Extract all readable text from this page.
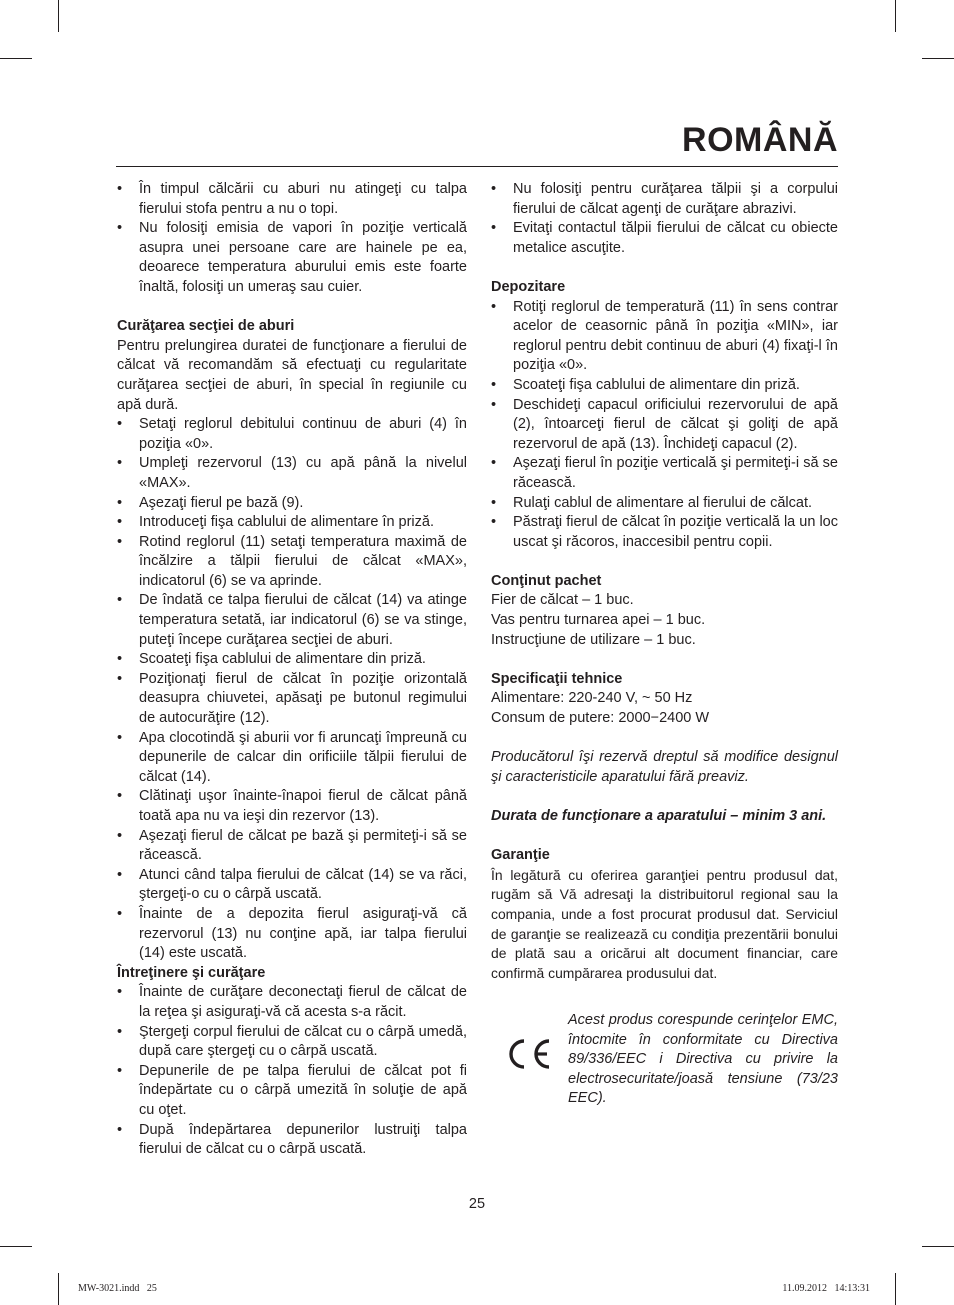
ROMÂNĂ
• În timpul călcării cu aburi nu atingeţi cu talpa fierului stofa pentru a nu o topi.
• Nu folosiţi emisia de vapori în poziţie verticală asupra unei persoane care are hainele pe ea, deoarece temperatura aburului emis este foarte înaltă, folosiţi un umeraş sau cuier.

Curăţarea secţiei de aburi

Pentru prelungirea duratei de funcţionare a fierului de călcat vă recomandăm să efectuaţi cu regularitate curăţarea secţiei de aburi, în special în regiunile cu apă dură.

• Setaţi reglorul debitului continuu de aburi (4) în poziţia «0».
• Umpleţi rezervorul (13) cu apă până la nivelul «MAX».
• Aşezaţi fierul pe bază (9).
• Introduceţi fişa cablului de alimentare în priză.
• Rotind reglorul (11) setaţi temperatura maximă de încălzire a tălpii fierului de călcat «MAX», indicatorul (6) se va aprinde.
• De îndată ce talpa fierului de călcat (14) va atinge temperatura setată, iar indicatorul (6) se va stinge, puteţi începe curăţarea secţiei de aburi.
• Scoateţi fişa cablului de alimentare din priză.
• Poziţionaţi fierul de călcat în poziţie orizontală deasupra chiuvetei, apăsaţi pe butonul regimului de autocurăţire (12).
• Apa clocotindă şi aburii vor fi aruncaţi împreună cu depunerile de calcar din orificiile tălpii fierului de călcat (14).
• Clătinaţi uşor înainte-înapoi fierul de călcat până toată apa nu va ieşi din rezervor (13).
• Aşezaţi fierul de călcat pe bază şi permiteţi-i să se răcească.
• Atunci când talpa fierului de călcat (14) se va răci, ştergeţi-o cu o cârpă uscată.
• Înainte de a depozita fierul asiguraţi-vă că rezervorul (13) nu conţine apă, iar talpa fierului (14) este uscată.

Întreţinere şi curăţare

• Înainte de curăţare deconectaţi fierul de călcat de la reţea şi asiguraţi-vă că acesta s-a răcit.
• Ştergeţi corpul fierului de călcat cu o cârpă umedă, după care ştergeţi cu o cârpă uscată.
• Depunerile de pe talpa fierului de călcat pot fi îndepărtate cu o cârpă umezită în soluţie de apă cu oţet.
• După îndepărtarea depunerilor lustruiţi talpa fierului de călcat cu o cârpă uscată.
• Nu folosiţi pentru curăţarea tălpii şi a corpului fierului de călcat agenţi de curăţare abrazivi.
• Evitaţi contactul tălpii fierului de călcat cu obiecte metalice ascuţite.

Depozitare

• Rotiţi reglorul de temperatură (11) în sens contrar acelor de ceasornic până în poziţia «MIN», iar reglorul pentru debit continuu de aburi (4) fixaţi-l în poziţia «0».
• Scoateţi fişa cablului de alimentare din priză.
• Deschideţi capacul orificiului rezervorului de apă (2), întoarceţi fierul de călcat şi goliţi de apă rezervorul de apă (13). Închideţi capacul (2).
• Aşezaţi fierul în poziţie verticală şi permiteţi-i să se răcească.
• Rulaţi cablul de alimentare al fierului de călcat.
• Păstraţi fierul de călcat în poziţie verticală la un loc uscat şi răcoros, inaccesibil pentru copii.

Conţinut pachet

Fier de călcat – 1 buc.

Vas pentru turnarea apei – 1 buc.

Instrucţiune de utilizare – 1 buc.

Specificaţii tehnice

Alimentare: 220-240 V, ~ 50 Hz

Consum de putere: 2000−2400 W

Producătorul îşi rezervă dreptul să modifice designul şi caracteristicile aparatului fără preaviz.

Durata de funcţionare a aparatului – minim 3 ani.

Garanţie

În legătură cu oferirea garanţiei pentru produsul dat, rugăm să Vă adresaţi la distribuitorul regional sau la compania, unde a fost procurat produsul dat. Serviciul de garanţie se realizează cu condiţia prezentării bonului de plată sau a oricărui alt document financiar, care confirmă cumpărarea produsului dat.

Acest produs corespunde cerinţelor EMC, întocmite în conformitate cu Directiva 89/336/EEC i Directiva cu privire la electrosecuritate/joasă tensiune (73/23 EEC).

25
MW-3021.indd   25	11.09.2012   14:13:31
